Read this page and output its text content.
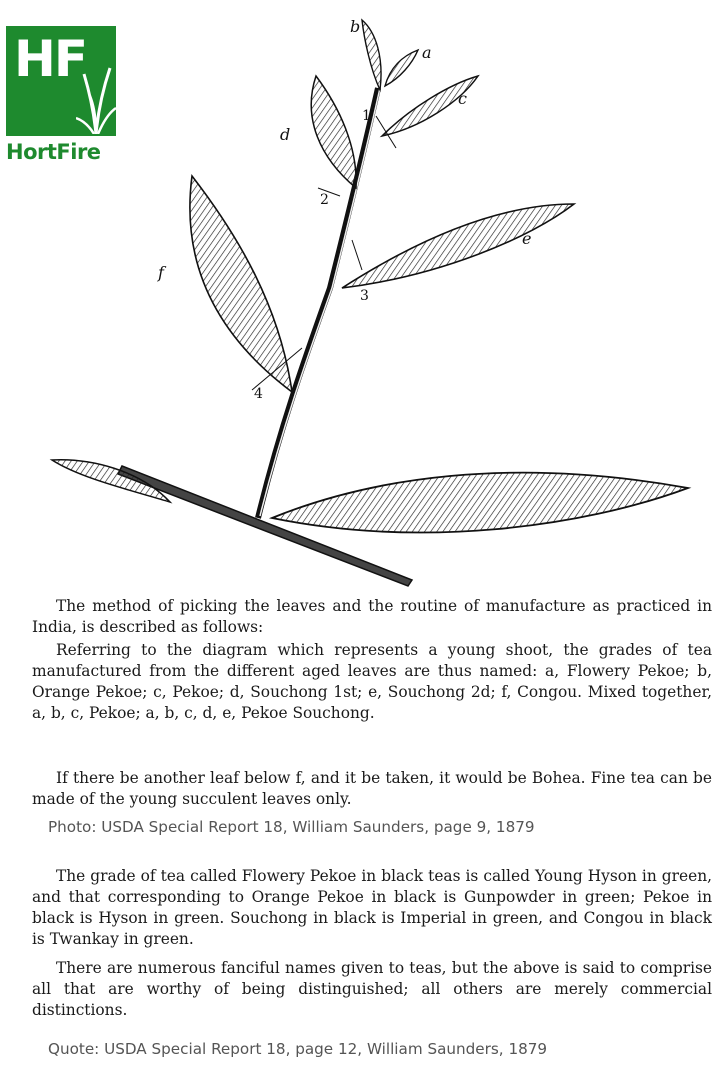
HF
HortFire
a
b
c
d
e
f
1
2
3
4

The method of picking the leaves and the routine of manufacture as practiced in India, is described as follows:

Referring to the diagram which represents a young shoot, the grades of tea manufactured from the different aged leaves are thus named: a, Flowery Pekoe; b, Orange Pekoe; c, Pekoe; d, Souchong 1st; e, Souchong 2d; f, Congou. Mixed together, a, b, c, Pekoe; a, b, c, d, e, Pekoe Souchong.

If there be another leaf below f, and it be taken, it would be Bohea. Fine tea can be made of the young succulent leaves only.

Photo: USDA Special Report 18, William Saunders, page 9, 1879

The grade of tea called Flowery Pekoe in black teas is called Young Hyson in green, and that corresponding to Orange Pekoe in black is Gunpowder in green; Pekoe in black is Hyson in green. Souchong in black is Imperial in green, and Congou in black is Twankay in green.

There are numerous fanciful names given to teas, but the above is said to comprise all that are worthy of being distinguished; all others are merely commercial distinctions.

Quote: USDA Special Report 18, page 12, William Saunders, 1879
